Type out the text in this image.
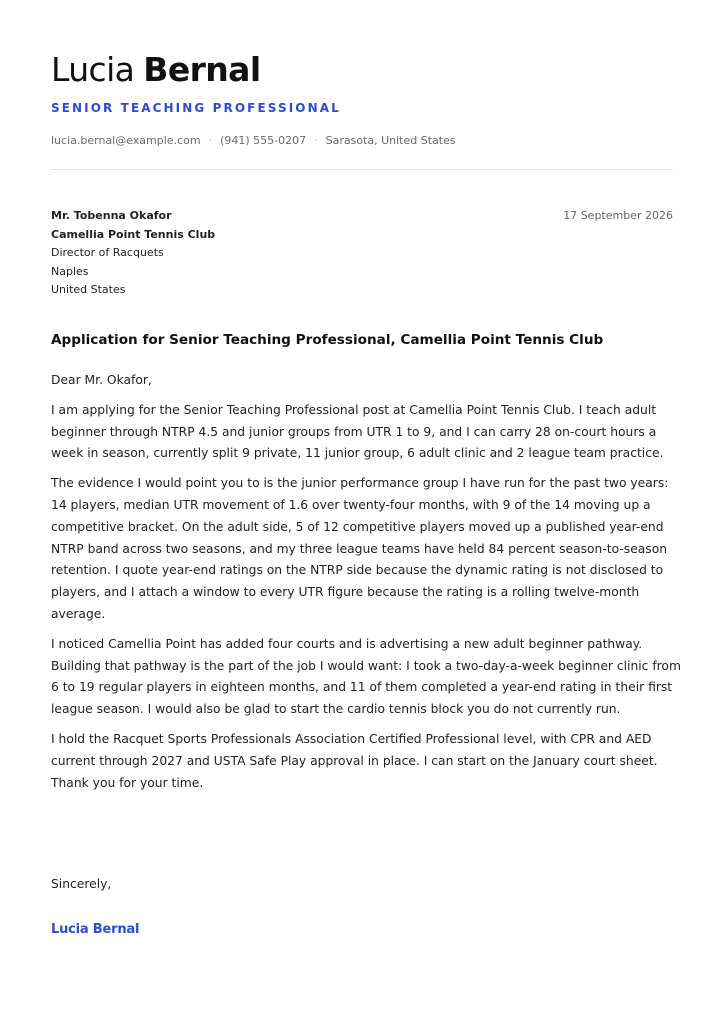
Lucia Bernal
SENIOR TEACHING PROFESSIONAL
lucia.bernal@example.com · (941) 555-0207 · Sarasota, United States
Mr. Tobenna Okafor
Camellia Point Tennis Club
Director of Racquets
Naples
United States
17 September 2026
Application for Senior Teaching Professional, Camellia Point Tennis Club

Dear Mr. Okafor,

I am applying for the Senior Teaching Professional post at Camellia Point Tennis Club. I teach adult beginner through NTRP 4.5 and junior groups from UTR 1 to 9, and I can carry 28 on-court hours a week in season, currently split 9 private, 11 junior group, 6 adult clinic and 2 league team practice.

The evidence I would point you to is the junior performance group I have run for the past two years: 14 players, median UTR movement of 1.6 over twenty-four months, with 9 of the 14 moving up a competitive bracket. On the adult side, 5 of 12 competitive players moved up a published year-end NTRP band across two seasons, and my three league teams have held 84 percent season-to-season retention. I quote year-end ratings on the NTRP side because the dynamic rating is not disclosed to players, and I attach a window to every UTR figure because the rating is a rolling twelve-month average.

I noticed Camellia Point has added four courts and is advertising a new adult beginner pathway. Building that pathway is the part of the job I would want: I took a two-day-a-week beginner clinic from 6 to 19 regular players in eighteen months, and 11 of them completed a year-end rating in their first league season. I would also be glad to start the cardio tennis block you do not currently run.

I hold the Racquet Sports Professionals Association Certified Professional level, with CPR and AED current through 2027 and USTA Safe Play approval in place. I can start on the January court sheet. Thank you for your time.

Sincerely,
Lucia Bernal
